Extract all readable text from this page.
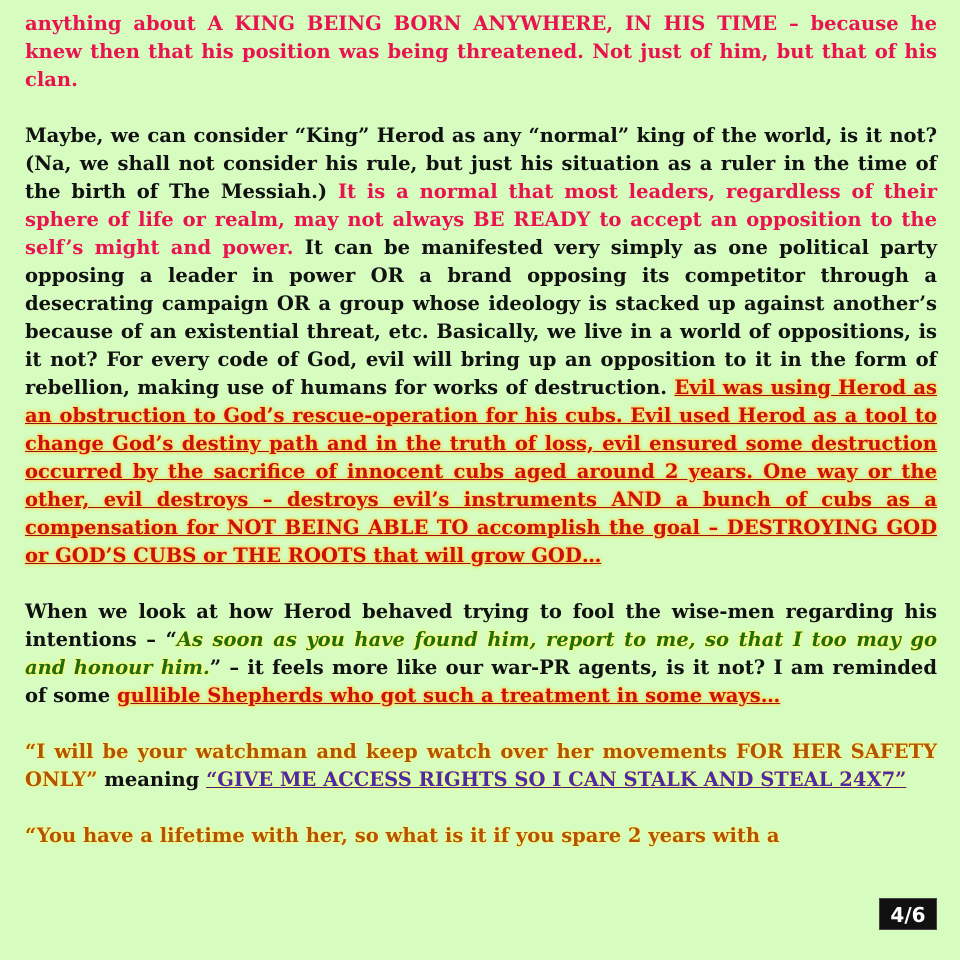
anything about A KING BEING BORN ANYWHERE, IN HIS TIME – because he knew then that his position was being threatened. Not just of him, but that of his clan.

Maybe, we can consider “King” Herod as any “normal” king of the world, is it not? (Na, we shall not consider his rule, but just his situation as a ruler in the time of the birth of The Messiah.) It is a normal that most leaders, regardless of their sphere of life or realm, may not always BE READY to accept an opposition to the self’s might and power. It can be manifested very simply as one political party opposing a leader in power OR a brand opposing its competitor through a desecrating campaign OR a group whose ideology is stacked up against another’s because of an existential threat, etc. Basically, we live in a world of oppositions, is it not? For every code of God, evil will bring up an opposition to it in the form of rebellion, making use of humans for works of destruction. Evil was using Herod as an obstruction to God’s rescue-operation for his cubs. Evil used Herod as a tool to change God’s destiny path and in the truth of loss, evil ensured some destruction occurred by the sacrifice of innocent cubs aged around 2 years. One way or the other, evil destroys – destroys evil’s instruments AND a bunch of cubs as a compensation for NOT BEING ABLE TO accomplish the goal – DESTROYING GOD or GOD’S CUBS or THE ROOTS that will grow GOD…

When we look at how Herod behaved trying to fool the wise-men regarding his intentions – “As soon as you have found him, report to me, so that I too may go and honour him.” – it feels more like our war-PR agents, is it not? I am reminded of some gullible Shepherds who got such a treatment in some ways…

“I will be your watchman and keep watch over her movements FOR HER SAFETY ONLY” meaning “GIVE ME ACCESS RIGHTS SO I CAN STALK AND STEAL 24X7”

“You have a lifetime with her, so what is it if you spare 2 years with a

4/6
